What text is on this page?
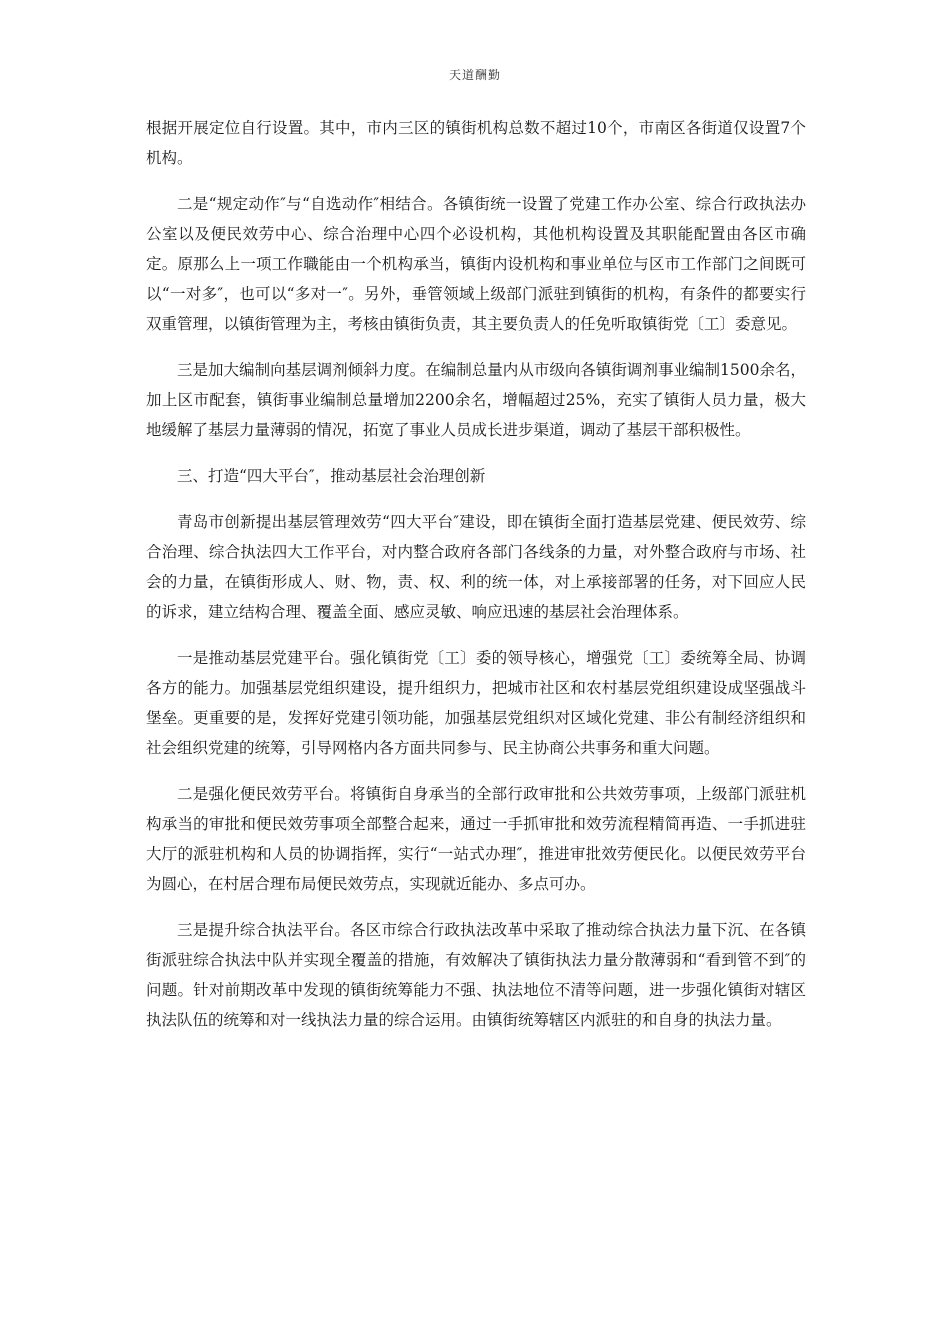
天道酬勤

根据开展定位自行设置。其中，市内三区的镇街机构总数不超过10个，市南区各街道仅设置7个机构。

二是“规定动作″与“自选动作″相结合。各镇街统一设置了党建工作办公室、综合行政执法办公室以及便民效劳中心、综合治理中心四个必设机构，其他机构设置及其职能配置由各区市确定。原那么上一项工作職能由一个机构承当，镇街内设机构和事业单位与区市工作部门之间既可以“一对多″，也可以“多对一″。另外，垂管领域上级部门派驻到镇街的机构，有条件的都要实行双重管理，以镇街管理为主，考核由镇街负责，其主要负责人的任免听取镇街党〔工〕委意见。

三是加大编制向基层调剂倾斜力度。在编制总量内从市级向各镇街调剂事业编制1500余名，加上区市配套，镇街事业编制总量增加2200余名，增幅超过25%，充实了镇街人员力量，极大地缓解了基层力量薄弱的情况，拓宽了事业人员成长进步渠道，调动了基层干部积极性。

三、打造“四大平台″，推动基层社会治理创新

青岛市创新提出基层管理效劳“四大平台″建设，即在镇街全面打造基层党建、便民效劳、综合治理、综合执法四大工作平台，对内整合政府各部门各线条的力量，对外整合政府与市场、社会的力量，在镇街形成人、财、物，责、权、利的统一体，对上承接部署的任务，对下回应人民的诉求，建立结构合理、覆盖全面、感应灵敏、响应迅速的基层社会治理体系。

一是推动基层党建平台。强化镇街党〔工〕委的领导核心，增强党〔工〕委统筹全局、协调各方的能力。加强基层党组织建设，提升组织力，把城市社区和农村基层党组织建设成坚强战斗堡垒。更重要的是，发挥好党建引领功能，加强基层党组织对区域化党建、非公有制经济组织和社会组织党建的统筹，引导网格内各方面共同参与、民主协商公共事务和重大问题。

二是强化便民效劳平台。将镇街自身承当的全部行政审批和公共效劳事项，上级部门派驻机构承当的审批和便民效劳事项全部整合起来，通过一手抓审批和效劳流程精简再造、一手抓进驻大厅的派驻机构和人员的协调指挥，实行“一站式办理″，推进审批效劳便民化。以便民效劳平台为圆心，在村居合理布局便民效劳点，实现就近能办、多点可办。

三是提升综合执法平台。各区市综合行政执法改革中采取了推动综合执法力量下沉、在各镇街派驻综合执法中队并实现全覆盖的措施，有效解决了镇街执法力量分散薄弱和“看到管不到″的问题。针对前期改革中发现的镇街统筹能力不强、执法地位不清等问题，进一步强化镇街对辖区执法队伍的统筹和对一线执法力量的综合运用。由镇街统筹辖区内派驻的和自身的执法力量。
